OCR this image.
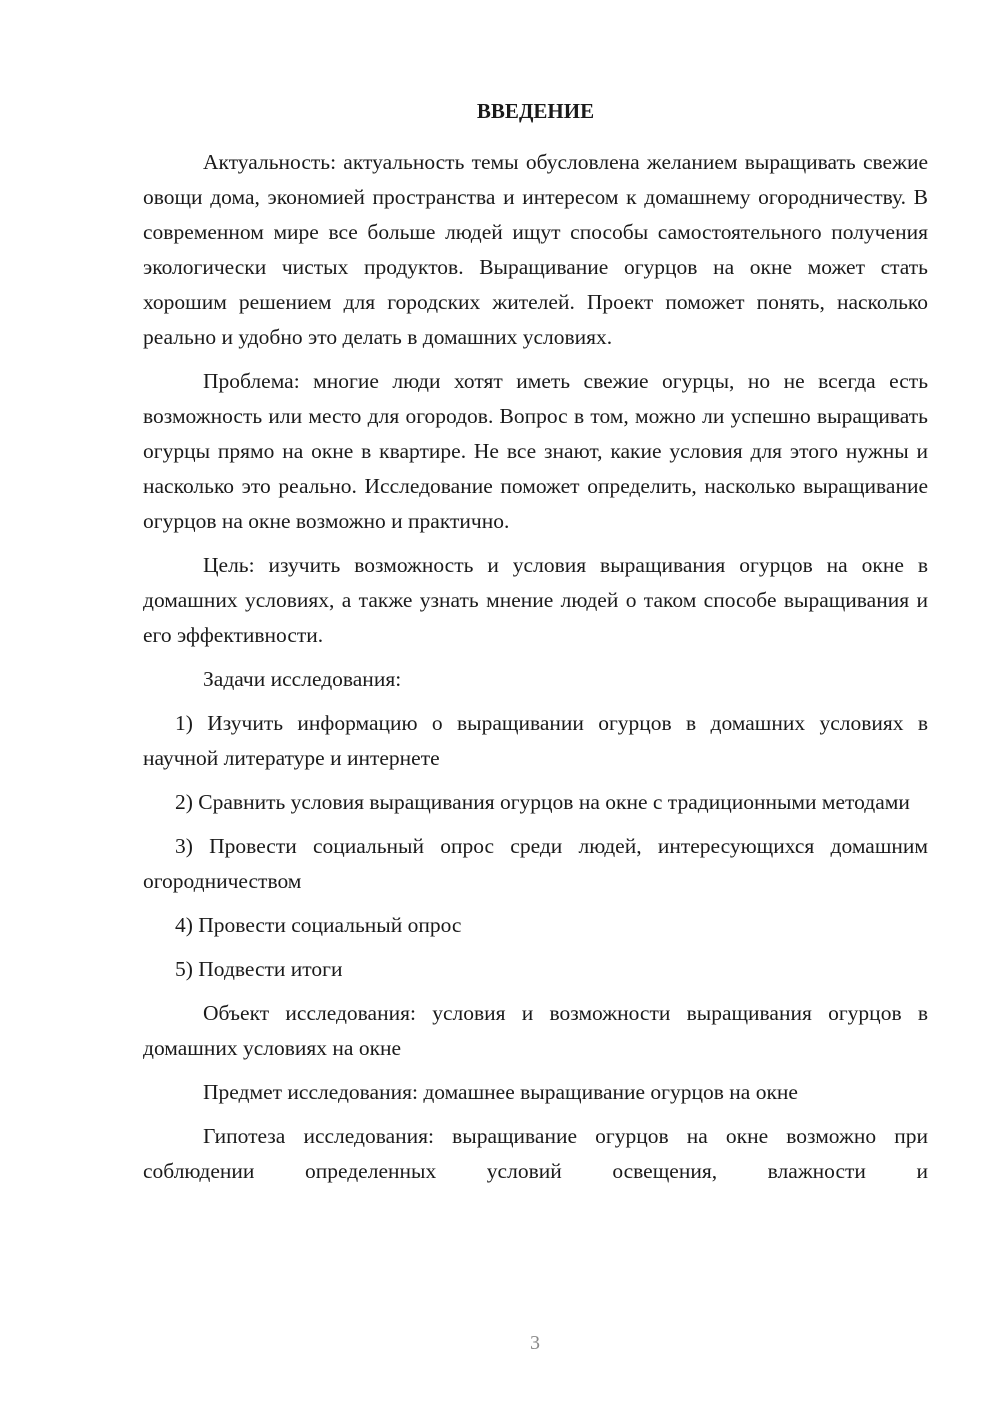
ВВЕДЕНИЕ

Актуальность: актуальность темы обусловлена желанием выращивать свежие овощи дома, экономией пространства и интересом к домашнему огородничеству. В современном мире все больше людей ищут способы самостоятельного получения экологически чистых продуктов. Выращивание огурцов на окне может стать хорошим решением для городских жителей. Проект поможет понять, насколько реально и удобно это делать в домашних условиях.

Проблема: многие люди хотят иметь свежие огурцы, но не всегда есть возможность или место для огородов. Вопрос в том, можно ли успешно выращивать огурцы прямо на окне в квартире. Не все знают, какие условия для этого нужны и насколько это реально. Исследование поможет определить, насколько выращивание огурцов на окне возможно и практично.

Цель: изучить возможность и условия выращивания огурцов на окне в домашних условиях, а также узнать мнение людей о таком способе выращивания и его эффективности.

Задачи исследования:

1) Изучить информацию о выращивании огурцов в домашних условиях в научной литературе и интернете

2) Сравнить условия выращивания огурцов на окне с традиционными методами

3) Провести социальный опрос среди людей, интересующихся домашним огородничеством

4) Провести социальный опрос

5) Подвести итоги

Объект исследования: условия и возможности выращивания огурцов в домашних условиях на окне

Предмет исследования: домашнее выращивание огурцов на окне

Гипотеза исследования: выращивание огурцов на окне возможно при соблюдении определенных условий освещения, влажности и

3
